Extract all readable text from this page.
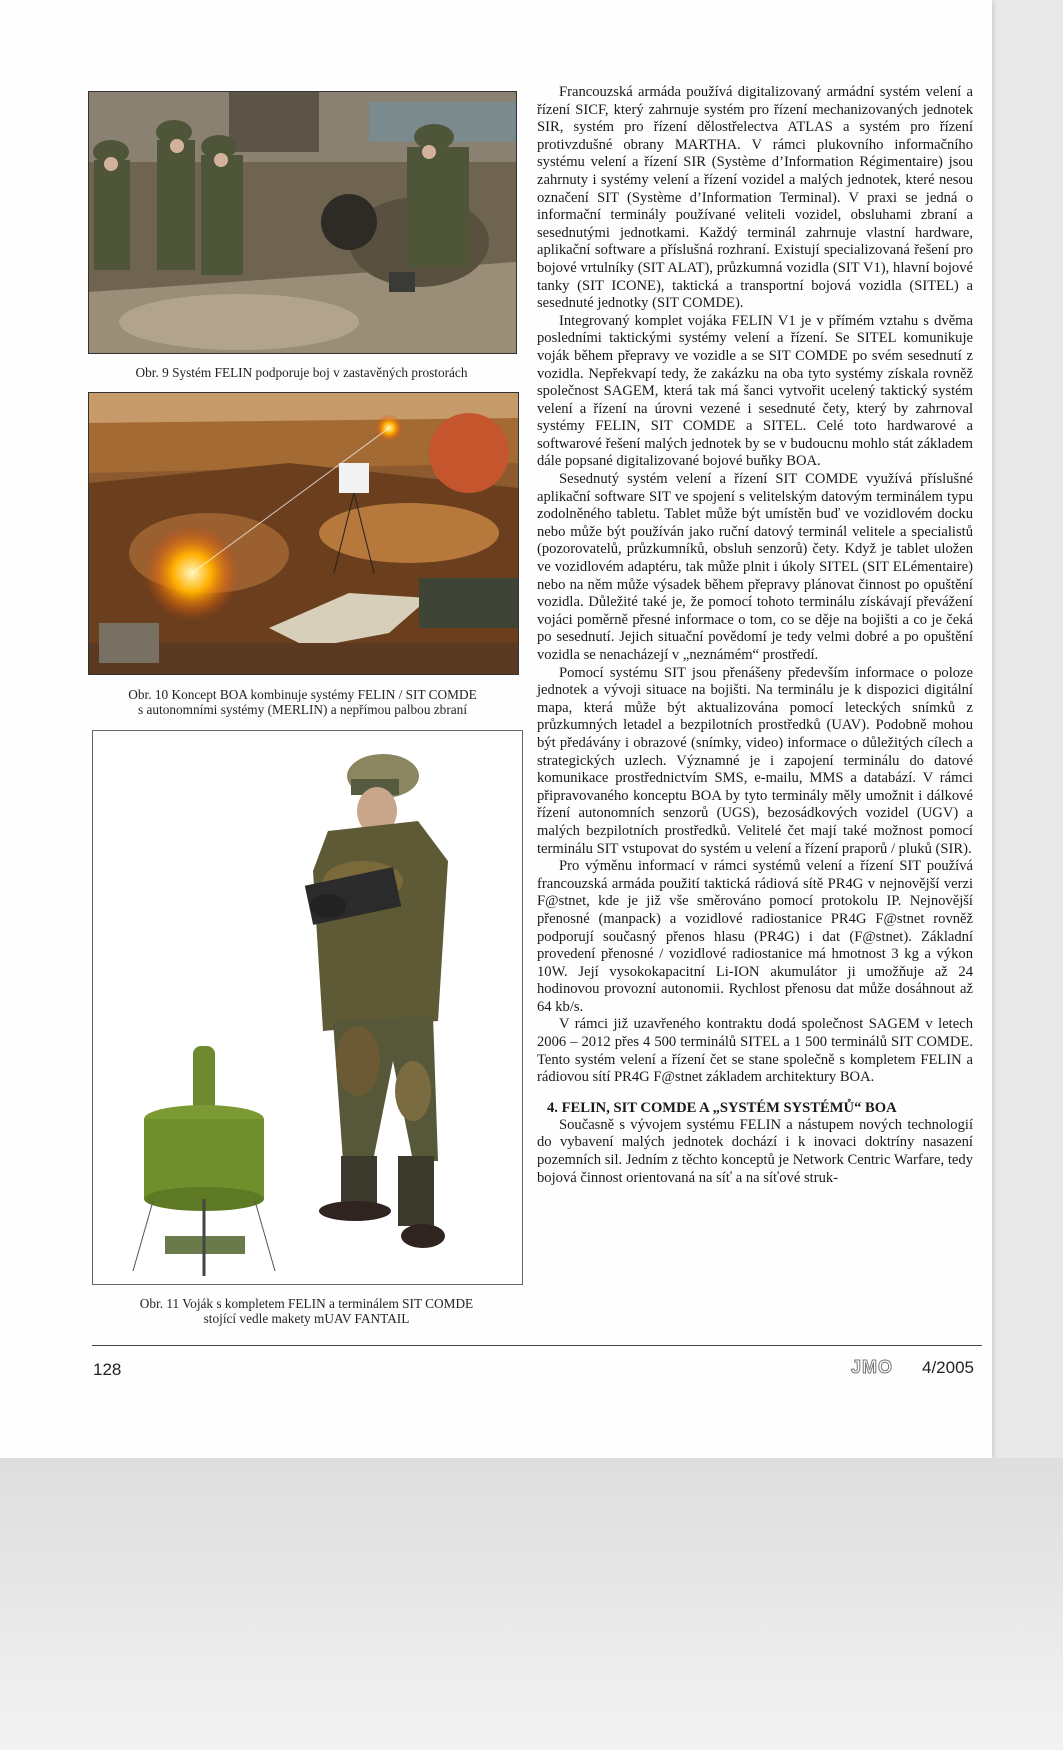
Obr. 9 Systém FELIN podporuje boj v zastavěných prostorách
Obr. 10 Koncept BOA kombinuje systémy FELIN / SIT COMDE
s autonomními systémy (MERLIN) a nepřímou palbou zbraní
Obr. 11 Voják s kompletem FELIN a terminálem SIT COMDE
stojící vedle makety mUAV FANTAIL

Francouzská armáda používá digitalizovaný armádní systém velení a řízení SICF, který zahrnuje systém pro řízení mechanizovaných jednotek SIR, systém pro řízení dělostřelectva ATLAS a systém pro řízení protivzdušné obrany MARTHA. V rámci plukovního informačního systému velení a řízení SIR (Système d’Information Régimentaire) jsou zahrnuty i systémy velení a řízení vozidel a malých jednotek, které nesou označení SIT (Système d’Information Terminal). V praxi se jedná o informační terminály používané veliteli vozidel, obsluhami zbraní a sesednutými jednotkami. Každý terminál zahrnuje vlastní hardware, aplikační software a příslušná rozhraní. Existují specializovaná řešení pro bojové vrtulníky (SIT ALAT), průzkumná vozidla (SIT V1), hlavní bojové tanky (SIT ICONE), taktická a transportní bojová vozidla (SITEL) a sesednuté jednotky (SIT COMDE).

Integrovaný komplet vojáka FELIN V1 je v přímém vztahu s dvěma posledními taktickými systémy velení a řízení. Se SITEL komunikuje voják během přepravy ve vozidle a se SIT COMDE po svém sesednutí z vozidla. Nepřekvapí tedy, že zakázku na oba tyto systémy získala rovněž společnost SAGEM, která tak má šanci vytvořit ucelený taktický systém velení a řízení na úrovni vezené i sesednuté čety, který by zahrnoval systémy FELIN, SIT COMDE a SITEL. Celé toto hardwarové a softwarové řešení malých jednotek by se v budoucnu mohlo stát základem dále popsané digitalizované bojové buňky BOA.

Sesednutý systém velení a řízení SIT COMDE využívá příslušné aplikační software SIT ve spojení s velitelským datovým terminálem typu zodolněného tabletu. Tablet může být umístěn buď ve vozidlovém docku nebo může být používán jako ruční datový terminál velitele a specialistů (pozorovatelů, průzkumníků, obsluh senzorů) čety. Když je tablet uložen ve vozidlovém adaptéru, tak může plnit i úkoly SITEL (SIT ELémentaire) nebo na něm může výsadek během přepravy plánovat činnost po opuštění vozidla. Důležité také je, že pomocí tohoto terminálu získávají převážení vojáci poměrně přesné informace o tom, co se děje na bojišti a co je čeká po sesednutí. Jejich situační povědomí je tedy velmi dobré a po opuštění vozidla se nenacházejí v „neznámém“ prostředí.

Pomocí systému SIT jsou přenášeny především informace o poloze jednotek a vývoji situace na bojišti. Na terminálu je k dispozici digitální mapa, která může být aktualizována pomocí leteckých snímků z průzkumných letadel a bezpilotních prostředků (UAV). Podobně mohou být předávány i obrazové (snímky, video) informace o důležitých cílech a strategických uzlech. Významné je i zapojení terminálu do datové komunikace prostřednictvím SMS, e-mailu, MMS a databází. V rámci připravovaného konceptu BOA by tyto terminály měly umožnit i dálkové řízení autonomních senzorů (UGS), bezosádkových vozidel (UGV) a malých bezpilotních prostředků. Velitelé čet mají také možnost pomocí terminálu SIT vstupovat do systém u velení a řízení praporů / pluků (SIR).

Pro výměnu informací v rámci systémů velení a řízení SIT používá francouzská armáda použití taktická rádiová sítě PR4G v nejnovější verzi F@stnet, kde je již vše směrováno pomocí protokolu IP. Nejnovější přenosné (manpack) a vozidlové radiostanice PR4G F@stnet rovněž podporují současný přenos hlasu (PR4G) i dat (F@stnet). Základní provedení přenosné / vozidlové radiostanice má hmotnost 3 kg a výkon 10W. Její vysokokapacitní Li-ION akumulátor ji umožňuje až 24 hodinovou provozní autonomii. Rychlost přenosu dat může dosáhnout až 64 kb/s.

V rámci již uzavřeného kontraktu dodá společnost SAGEM v letech 2006 – 2012 přes 4 500 terminálů SITEL a 1 500 terminálů SIT COMDE. Tento systém velení a řízení čet se stane společně s kompletem FELIN a rádiovou sítí PR4G F@stnet základem architektury BOA.

4. FELIN, SIT COMDE A „SYSTÉM SYSTÉMŮ“ BOA

Současně s vývojem systému FELIN a nástupem nových technologií do vybavení malých jednotek dochází i k inovaci doktríny nasazení pozemních sil. Jedním z těchto konceptů je Network Centric Warfare, tedy bojová činnost orientovaná na síť a na síťové struk-

128	JMO 4/2005
